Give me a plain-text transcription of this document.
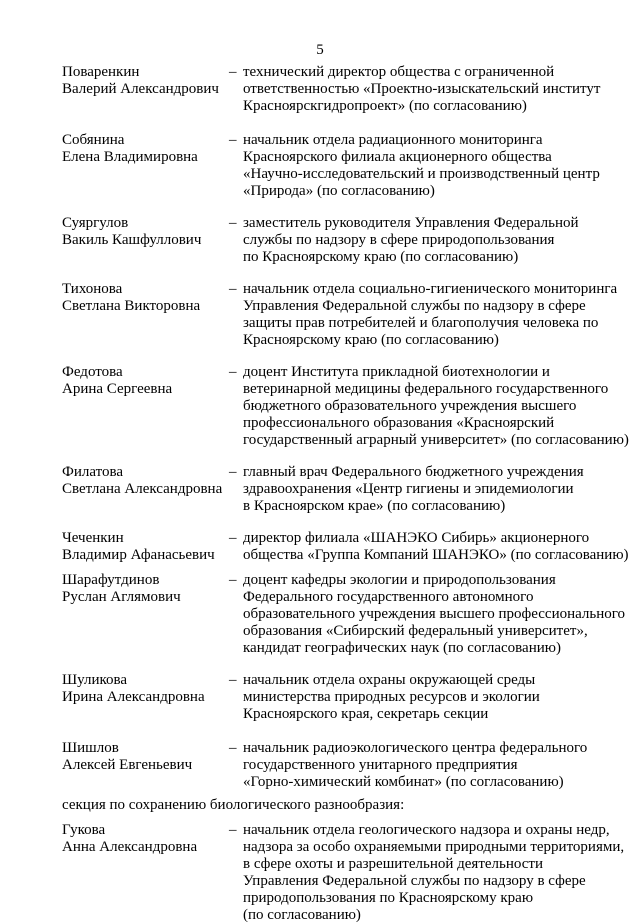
5
Поваренкин
Валерий Александрович
– технический директор общества с ограниченной
ответственностью «Проектно-изыскательский институт
Красноярскгидропроект» (по согласованию)
Собянина
Елена Владимировна
– начальник отдела радиационного мониторинга
Красноярского филиала акционерного общества
«Научно-исследовательский и производственный центр
«Природа» (по согласованию)
Суяргулов
Вакиль Кашфуллович
– заместитель руководителя Управления Федеральной
службы по надзору в сфере природопользования
по Красноярскому краю (по согласованию)
Тихонова
Светлана Викторовна
– начальник отдела социально-гигиенического мониторинга
Управления Федеральной службы по надзору в сфере
защиты прав потребителей и благополучия человека по
Красноярскому краю (по согласованию)
Федотова
Арина Сергеевна
– доцент Института прикладной биотехнологии и
ветеринарной медицины федерального государственного
бюджетного образовательного учреждения высшего
профессионального образования «Красноярский
государственный аграрный университет» (по согласованию)
Филатова
Светлана Александровна
– главный врач Федерального бюджетного учреждения
здравоохранения «Центр гигиены и эпидемиологии
в Красноярском крае» (по согласованию)
Чеченкин
Владимир Афанасьевич
– директор филиала «ШАНЭКО Сибирь» акционерного
общества «Группа Компаний ШАНЭКО» (по согласованию)
Шарафутдинов
Руслан Аглямович
– доцент кафедры экологии и природопользования
Федерального государственного автономного
образовательного учреждения высшего профессионального
образования «Сибирский федеральный университет»,
кандидат географических наук (по согласованию)
Шуликова
Ирина Александровна
– начальник отдела охраны окружающей среды
министерства природных ресурсов и экологии
Красноярского края, секретарь секции
Шишлов
Алексей Евгеньевич
– начальник радиоэкологического центра федерального
государственного унитарного предприятия
«Горно-химический комбинат» (по согласованию)
секция по сохранению биологического разнообразия:
Гукова
Анна Александровна
– начальник отдела геологического надзора и охраны недр,
надзора за особо охраняемыми природными территориями,
в сфере охоты и разрешительной деятельности
Управления Федеральной службы по надзору в сфере
природопользования по Красноярскому краю
(по согласованию)
